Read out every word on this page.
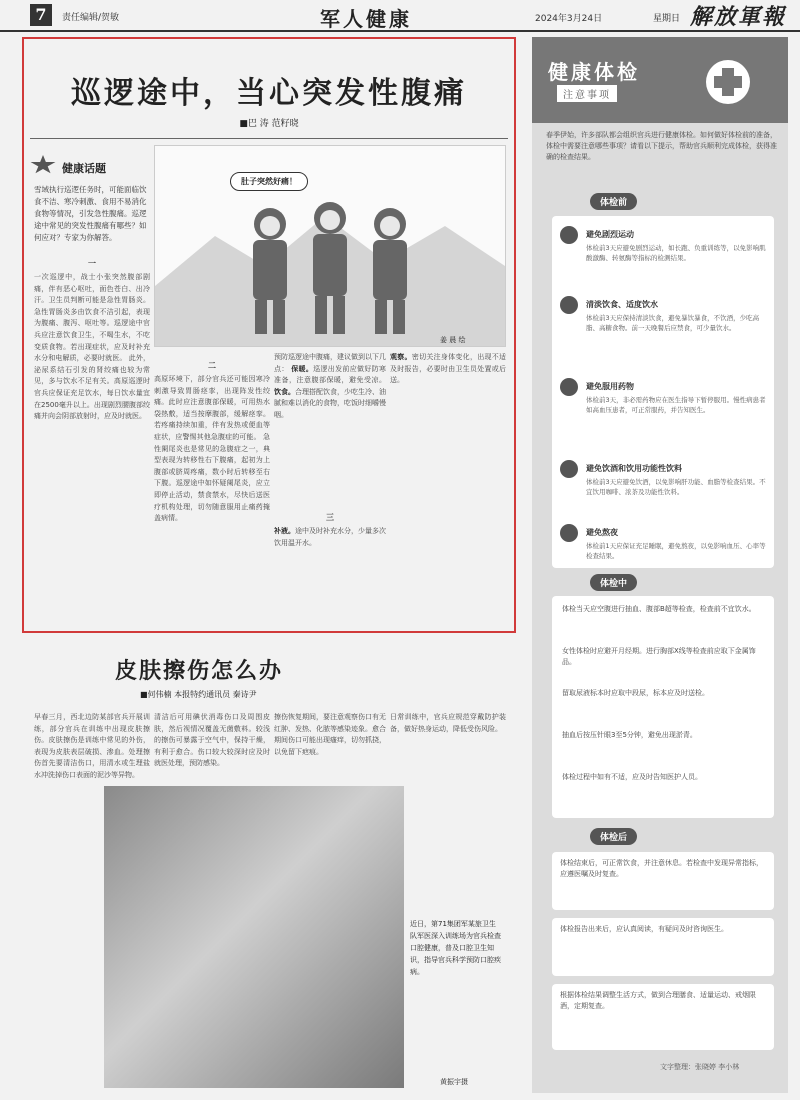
7	责任编辑/贺敏	军人健康	2024年3月24日	星期日 解放軍報
巡逻途中，当心突发性腹痛
■巴 涛 范籽晓
健康话题
雪域执行巡逻任务时，可能面临饮食不洁、寒冷刺激、食用不易消化食物等情况，引发急性腹痛。巡逻途中常见的突发性腹痛有哪些？如何应对？专家为你解答。
肚子突然好痛！
姜 晨 绘
一
一次巡逻中，战士小张突然腹部剧痛，伴有恶心呕吐，面色苍白、出冷汗。卫生员判断可能是急性胃肠炎。急性胃肠炎多由饮食不洁引起，表现为腹痛、腹泻、呕吐等。巡逻途中官兵应注意饮食卫生，不喝生水，不吃变质食物。若出现症状，应及时补充水分和电解质，必要时就医。 此外，泌尿系结石引发的肾绞痛也较为常见，多与饮水不足有关。高原巡逻时官兵应保证充足饮水，每日饮水量宜在2500毫升以上。出现剧烈腰腹部绞痛并向会阴部放射时，应及时就医。
二
高原环境下，部分官兵还可能因寒冷刺激导致胃肠痉挛，出现阵发性绞痛。此时应注意腹部保暖，可用热水袋热敷，适当按摩腹部，缓解痉挛。若疼痛持续加重，伴有发热或便血等症状，应警惕其他急腹症的可能。 急性阑尾炎也是常见的急腹症之一，典型表现为转移性右下腹痛，起初为上腹部或脐周疼痛，数小时后转移至右下腹。巡逻途中如怀疑阑尾炎，应立即停止活动，禁食禁水，尽快后送医疗机构处理，切勿随意服用止痛药掩盖病情。
预防巡逻途中腹痛，建议做到以下几点： 保暖。巡逻出发前应做好防寒准备，注意腹部保暖，避免受凉。 饮食。合理搭配饮食，少吃生冷、油腻和难以消化的食物，吃饭时细嚼慢咽。
三
补液。途中及时补充水分，少量多次饮用温开水。
观察。密切关注身体变化，出现不适及时报告，必要时由卫生员处置或后送。
皮肤擦伤怎么办
■何伟楠 本报特约通讯员 秦诗尹
早春三月，西北边防某部官兵开展训练，部分官兵在训练中出现皮肤擦伤。皮肤擦伤是训练中常见的外伤，表现为皮肤表层破损、渗血。处理擦伤首先要清洁伤口，用清水或生理盐水冲洗掉伤口表面的泥沙等异物。
清洁后可用碘伏消毒伤口及周围皮肤，然后视情况覆盖无菌敷料。较浅的擦伤可暴露于空气中，保持干燥，有利于愈合。伤口较大较深时应及时就医处理，预防感染。
擦伤恢复期间，要注意观察伤口有无红肿、发热、化脓等感染迹象。愈合期间伤口可能出现瘙痒，切勿抓挠，以免留下疤痕。
日常训练中，官兵应规范穿戴防护装备，做好热身运动，降低受伤风险。
近日，第71集团军某旅卫生队军医深入训练场为官兵检查口腔健康，普及口腔卫生知识，指导官兵科学预防口腔疾病。
黄振宇摄
健康体检
注意事项
春季伊始，许多部队都会组织官兵进行健康体检。如何做好体检前的准备，体检中需要注意哪些事项？请看以下提示，帮助官兵顺利完成体检，获得准确的检查结果。
体检前
避免剧烈运动
体检前3天应避免剧烈运动，如长跑、负重训练等，以免影响肌酸激酶、转氨酶等指标的检测结果。
清淡饮食、适度饮水
体检前3天应保持清淡饮食，避免暴饮暴食，不饮酒，少吃高脂、高糖食物。前一天晚餐后应禁食，可少量饮水。
避免服用药物
体检前3天，非必需药物应在医生指导下暂停服用。慢性病患者如高血压患者，可正常服药，并告知医生。
避免饮酒和饮用功能性饮料
体检前3天应避免饮酒，以免影响肝功能、血脂等检查结果。不宜饮用咖啡、浓茶及功能性饮料。
避免熬夜
体检前1天应保证充足睡眠，避免熬夜，以免影响血压、心率等检查结果。
体检中
体检当天应空腹进行抽血、腹部B超等检查，检查前不宜饮水。
女性体检时应避开月经期。进行胸部X线等检查前应取下金属饰品。
留取尿液标本时应取中段尿，标本应及时送检。
抽血后按压针眼3至5分钟，避免出现淤青。
体检过程中如有不适，应及时告知医护人员。
体检后
体检结束后，可正常饮食，并注意休息。若检查中发现异常指标，应遵医嘱及时复查。
体检报告出来后，应认真阅读，有疑问及时咨询医生。
根据体检结果调整生活方式，做到合理膳食、适量运动、戒烟限酒，定期复查。
文字整理：张晓婷 李小林
